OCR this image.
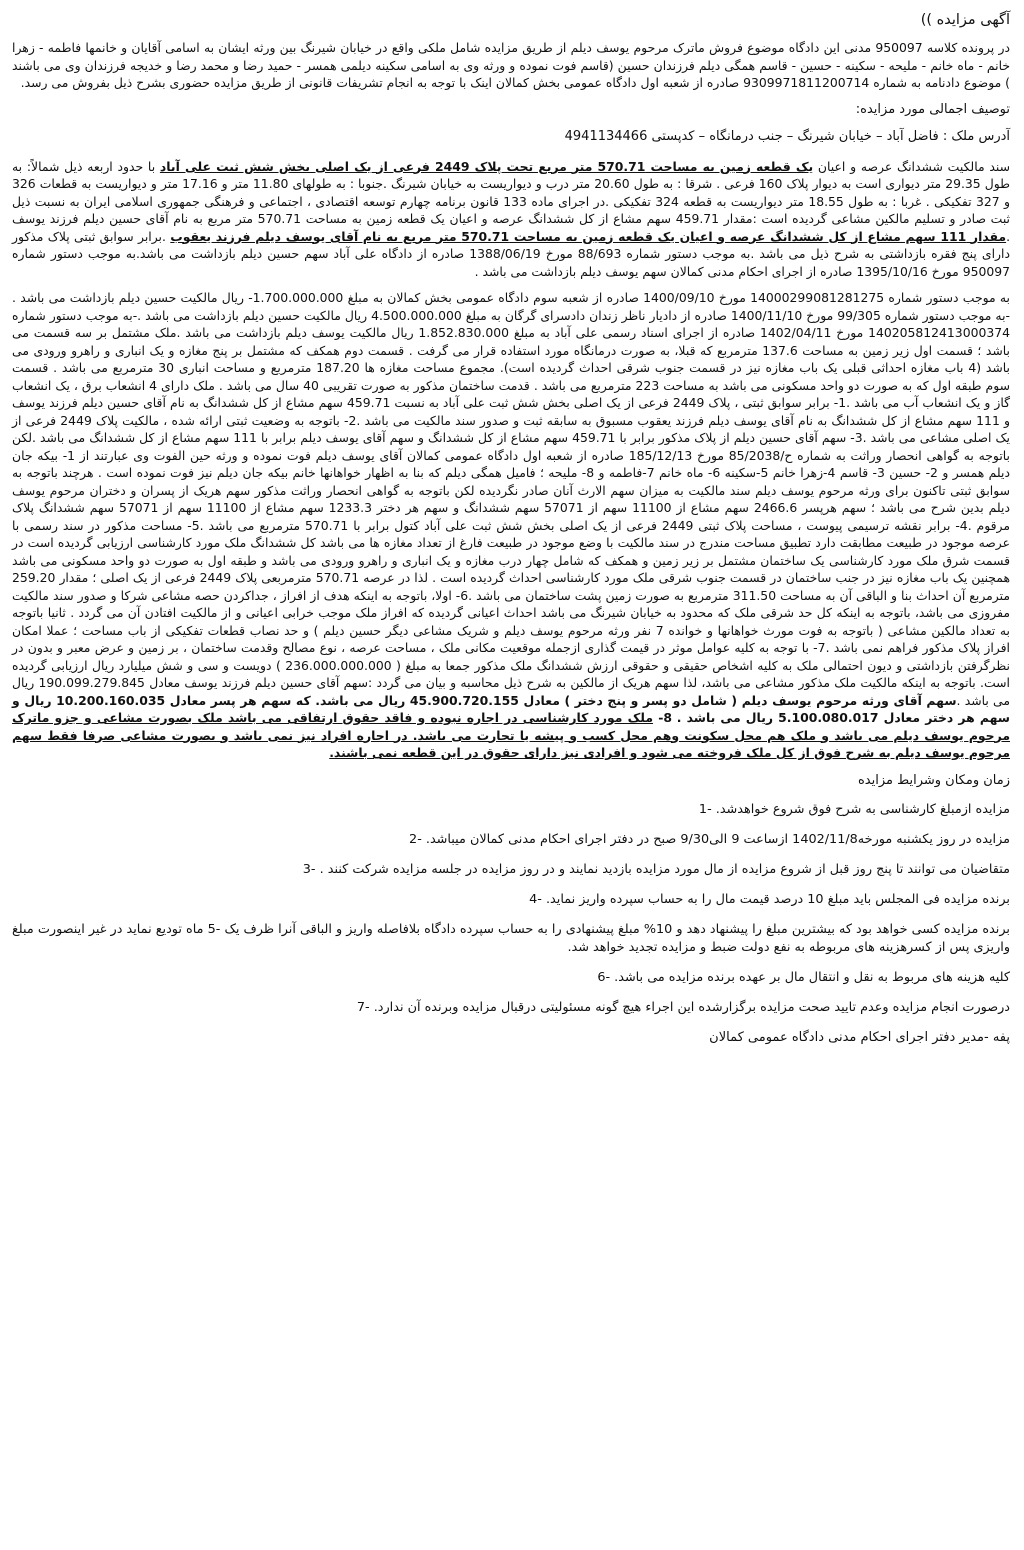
آگهی مزایده ))

در پرونده کلاسه 950097 مدنی این دادگاه موضوع فروش ماترک مرحوم یوسف دیلم از طریق مزایده شامل ملکی واقع در خیابان شیرنگ بین ورثه ایشان به اسامی آقایان و خانمها فاطمه - زهرا خانم - ماه خانم - ملیحه - سکینه - حسین - قاسم همگی دیلم فرزندان حسین (قاسم فوت نموده و ورثه وی به اسامی سکینه دیلمی همسر - حمید رضا و محمد رضا و خدیجه فرزندان وی می باشند ) موضوع دادنامه به شماره 9309971811200714 صادره از شعبه اول دادگاه عمومی بخش کمالان اینک با توجه به انجام تشریفات قانونی از طریق مزایده حضوری بشرح ذیل بفروش می رسد.

توصیف اجمالی مورد مزایده:
آدرس ملک : فاضل آباد – خیابان شیرنگ – جنب درمانگاه – کدپستی 4941134466

سند مالکیت ششدانگ عرصه و اعیان یک قطعه زمین به مساحت 570.71 متر مربع تحت پلاک 2449 فرعی از یک اصلی بخش شش ثبت علی آباد با حدود اربعه ذیل شمالاً: به طول 29.35 متر دیواری است به دیوار پلاک 160 فرعی . شرقا : به طول 20.60 متر درب و دیواریست به خیابان شیرنگ .جنوبا : به طولهای 11.80 متر و 17.16 متر و دیواریست به قطعات 326 و 327 تفکیکی . غربا : به طول 18.55 متر دیواریست به قطعه 324 تفکیکی .در اجرای ماده 133 قانون برنامه چهارم توسعه اقتصادی ، اجتماعی و فرهنگی جمهوری اسلامی ایران به نسبت ذیل ثبت صادر و تسلیم مالکین مشاعی گردیده است :مقدار 459.71 سهم مشاع از کل ششدانگ عرصه و اعیان یک قطعه زمین به مساحت 570.71 متر مربع به نام آقای حسین دیلم فرزند یوسف .مقدار 111 سهم مشاع از کل ششدانگ عرصه و اعیان یک قطعه زمین به مساحت 570.71 متر مربع به نام آقای یوسف دیلم فرزند یعقوب .برابر سوابق ثبتی پلاک مذکور دارای پنج فقره بازداشتی به شرح ذیل می باشد .به موجب دستور شماره 88/693 مورخ 1388/06/19 صادره از دادگاه علی آباد سهم حسین دیلم بازداشت می باشد.به موجب دستور شماره 950097 مورخ 1395/10/16 صادره از اجرای احکام مدنی کمالان سهم یوسف دیلم بازداشت می باشد .

به موجب دستور شماره 14000299081281275 مورخ 1400/09/10 صادره از شعبه سوم دادگاه عمومی بخش کمالان به مبلغ 1.700.000.000- ریال مالکیت حسین دیلم بازداشت می باشد . -به موجب دستور شماره 99/305 مورخ 1400/11/10 صادره از دادیار ناظر زندان دادسرای گرگان به مبلغ 4.500.000.000 ریال مالکیت حسین دیلم بازداشت می باشد .-به موجب دستور شماره 140205812413000374 مورخ 1402/04/11 صادره از اجرای اسناد رسمی علی آباد به مبلغ 1.852.830.000 ریال مالکیت یوسف دیلم بازداشت می باشد .ملک مشتمل بر سه قسمت می باشد ؛ قسمت اول زیر زمین به مساحت 137.6 مترمربع که قبلا، به صورت درمانگاه مورد استفاده قرار می گرفت . قسمت دوم همکف که مشتمل بر پنج مغازه و یک انباری و راهرو ورودی می باشد (4 باب مغازه احداثی قبلی یک باب مغازه نیز در قسمت جنوب شرقی احداث گردیده است). مجموع مساحت مغازه ها 187.20 مترمربع و مساحت انباری 30 مترمربع می باشد . قسمت سوم طبقه اول که به صورت دو واحد مسکونی می باشد به مساحت 223 مترمربع می باشد . قدمت ساختمان مذکور به صورت تقریبی 40 سال می باشد . ملک دارای 4 انشعاب برق ، یک انشعاب گاز و یک انشعاب آب می باشد .1- برابر سوابق ثبتی ، پلاک 2449 فرعی از یک اصلی بخش شش ثبت علی آباد به نسبت 459.71 سهم مشاع از کل ششدانگ به نام آقای حسین دیلم فرزند یوسف و 111 سهم مشاع از کل ششدانگ به نام آقای یوسف دیلم فرزند یعقوب مسبوق به سابقه ثبت و صدور سند مالکیت می باشد .2- باتوجه به وضعیت ثبتی ارائه شده ، مالکیت پلاک 2449 فرعی از یک اصلی مشاعی می باشد .3- سهم آقای حسین دیلم از پلاک مذکور برابر با 459.71 سهم مشاع از کل ششدانگ و سهم آقای یوسف دیلم برابر با 111 سهم مشاع از کل ششدانگ می باشد .لکن باتوجه به گواهی انحصار وراثت به شماره ح/85/2038 مورخ 185/12/13 صادره از شعبه اول دادگاه عمومی کمالان آقای یوسف دیلم فوت نموده و ورثه حین الفوت وی عبارتند از 1- بیکه جان دیلم همسر و 2- حسین 3- قاسم 4-زهرا خانم 5-سکینه 6- ماه خانم 7-فاطمه و 8- ملیحه ؛ فامیل همگی دیلم که بنا به اظهار خواهانها خانم بیکه جان دیلم نیز فوت نموده است . هرچند باتوجه به سوابق ثبتی تاکنون برای ورثه مرحوم یوسف دیلم سند مالکیت به میزان سهم الارث آنان صادر نگردیده لکن باتوجه به گواهی انحصار وراثت مذکور سهم هریک از پسران و دختران مرحوم یوسف دیلم بدین شرح می باشد ؛ سهم هرپسر 2466.6 سهم مشاع از 11100 سهم از 57071 سهم ششدانگ و سهم هر دختر 1233.3 سهم مشاع از 11100 سهم از 57071 سهم ششدانگ پلاک مرقوم .4- برابر نقشه ترسیمی پیوست ، مساحت پلاک ثبتی 2449 فرعی از یک اصلی بخش شش ثبت علی آباد کتول برابر با 570.71 مترمربع می باشد .5- مساحت مذکور در سند رسمی با عرصه موجود در طبیعت مطابقت دارد تطبیق مساحت مندرج در سند مالکیت با وضع موجود در طبیعت فارغ از تعداد مغازه ها می باشد کل ششدانگ ملک مورد کارشناسی ارزیابی گردیده است در قسمت شرق ملک مورد کارشناسی یک ساختمان مشتمل بر زیر زمین و همکف که شامل چهار درب مغازه و یک انباری و راهرو ورودی می باشد و طبقه اول به صورت دو واحد مسکونی می باشد همچنین یک باب مغازه نیز در جنب ساختمان در قسمت جنوب شرقی ملک مورد کارشناسی احداث گردیده است . لذا در عرصه 570.71 مترمربعی پلاک 2449 فرعی از یک اصلی ؛ مقدار 259.20 مترمربع آن احداث بنا و الباقی آن به مساحت 311.50 مترمربع به صورت زمین پشت ساختمان می باشد .6- اولا، باتوجه به اینکه هدف از افراز ، جداکردن حصه مشاعی شرکا و صدور سند مالکیت مفروزی می باشد، باتوجه به اینکه کل حد شرقی ملک که محدود به خیابان شیرنگ می باشد احداث اعیانی گردیده که افراز ملک موجب خرابی اعیانی و از مالکیت افتادن آن می گردد . ثانیا باتوجه به تعداد مالکین مشاعی ( باتوجه به فوت مورث خواهانها و خوانده 7 نفر ورثه مرحوم یوسف دیلم و شریک مشاعی دیگر حسین دیلم ) و حد نصاب قطعات تفکیکی از باب مساحت ؛ عملا امکان افراز پلاک مذکور فراهم نمی باشد .7- با توجه به کلیه عوامل موثر در قیمت گذاری ازجمله موقعیت مکانی ملک ، مساحت عرصه ، نوع مصالح وقدمت ساختمان ، بر زمین و عرض معبر و بدون در نظرگرفتن بازداشتی و دیون احتمالی ملک به کلیه اشخاص حقیقی و حقوقی ارزش ششدانگ ملک مذکور جمعا به مبلغ ( 236.000.000.000 ) دویست و سی و شش میلیارد ریال ارزیابی گردیده است. باتوجه به اینکه مالکیت ملک مذکور مشاعی می باشد، لذا سهم هریک از مالکین به شرح ذیل محاسبه و بیان می گردد :سهم آقای حسین دیلم فرزند یوسف معادل 190.099.279.845 ریال می باشد .سهم آقای ورثه مرحوم یوسف دیلم ( شامل دو پسر و پنج دختر ) معادل 45.900.720.155 ریال می باشد. که سهم هر پسر معادل 10.200.160.035 ریال و سهم هر دختر معادل 5.100.080.017 ریال می باشد . 8- ملک مورد کارشناسی در اجاره نبوده و فاقد حقوق ارتفاقی می باشد ملک بصورت مشاعی و جزو ماترک مرحوم یوسف دیلم می باشد و ملک هم محل سکونت وهم محل کسب و پیشه یا تجارت می باشد. در اجاره افراد نیز نمی باشد و بصورت مشاعی صرفا فقط سهم مرحوم یوسف دیلم به شرح فوق از کل ملک فروخته می شود و افرادی نیز دارای حقوق در این قطعه نمی باشند.

زمان ومکان وشرایط مزایده
مزایده ازمبلغ کارشناسی به شرح فوق شروع خواهدشد. -1
مزایده در روز یکشنبه مورخه1402/11/8 ازساعت 9 الی9/30 صبح در دفتر اجرای احکام مدنی کمالان میباشد. -2
متقاضیان می توانند تا پنج روز قبل از شروع مزایده از مال مورد مزایده بازدید نمایند و در روز مزایده در جلسه مزایده شرکت کنند . -3
برنده مزایده فی المجلس باید مبلغ 10 درصد قیمت مال را به حساب سپرده واریز نماید. -4
برنده مزایده کسی خواهد بود که بیشترین مبلغ را پیشنهاد دهد و 10% مبلغ پیشنهادی را به حساب سپرده دادگاه بلافاصله واریز و الباقی آنرا ظرف یک -5 ماه تودیع نماید در غیر اینصورت مبلغ واریزی پس از کسرهزینه های مربوطه به نفع دولت ضبط و مزایده تجدید خواهد شد.
کلیه هزینه های مربوط به نقل و انتقال مال بر عهده برنده مزایده می باشد. -6
درصورت انجام مزایده وعدم تایید صحت مزایده برگزارشده این اجراء هیچ گونه مسئولیتی درقبال مزایده وبرنده آن ندارد. -7
پفه -مدیر دفتر اجرای احکام مدنی دادگاه عمومی کمالان
